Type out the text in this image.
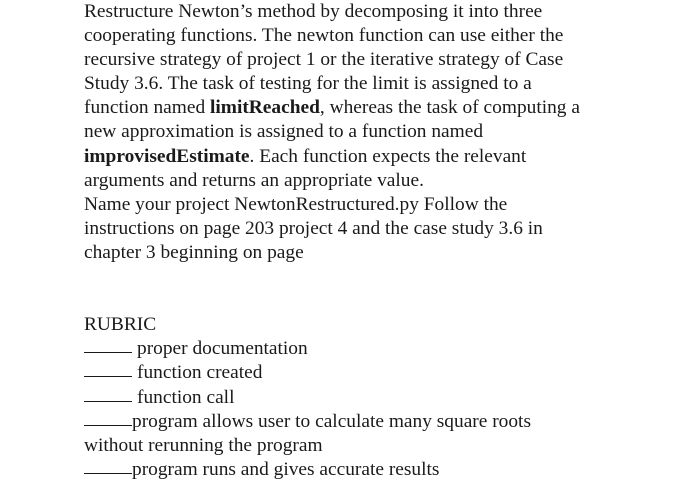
Restructure Newton’s method by decomposing it into three
cooperating functions. The newton function can use either the
recursive strategy of project 1 or the iterative strategy of Case
Study 3.6. The task of testing for the limit is assigned to a
function named limitReached, whereas the task of computing a
new approximation is assigned to a function named
improvisedEstimate. Each function expects the relevant
arguments and returns an appropriate value.
Name your project NewtonRestructured.py Follow the
instructions on page 203 project 4 and the case study 3.6 in
chapter 3 beginning on page
RUBRIC
proper documentation
function created
function call
program allows user to calculate many square roots
without rerunning the program
program runs and gives accurate results
